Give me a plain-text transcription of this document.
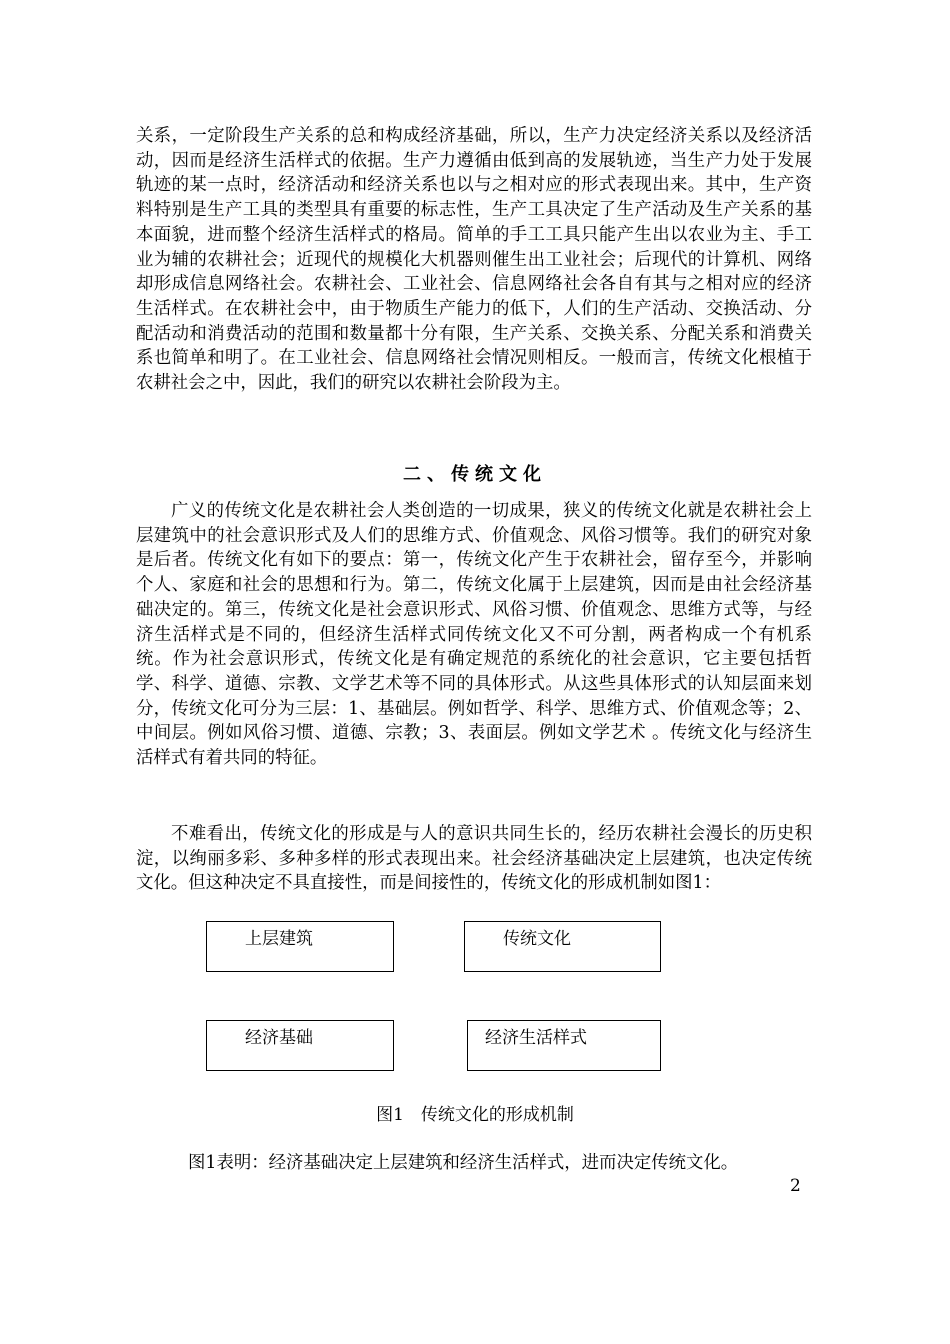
关系，一定阶段生产关系的总和构成经济基础，所以，生产力决定经济关系以及经济活动，因而是经济生活样式的依据。生产力遵循由低到高的发展轨迹，当生产力处于发展轨迹的某一点时，经济活动和经济关系也以与之相对应的形式表现出来。其中，生产资料特别是生产工具的类型具有重要的标志性，生产工具决定了生产活动及生产关系的基本面貌，进而整个经济生活样式的格局。简单的手工工具只能产生出以农业为主、手工业为辅的农耕社会；近现代的规模化大机器则催生出工业社会；后现代的计算机、网络却形成信息网络社会。农耕社会、工业社会、信息网络社会各自有其与之相对应的经济生活样式。在农耕社会中，由于物质生产能力的低下，人们的生产活动、交换活动、分配活动和消费活动的范围和数量都十分有限，生产关系、交换关系、分配关系和消费关系也简单和明了。在工业社会、信息网络社会情况则相反。一般而言，传统文化根植于农耕社会之中，因此，我们的研究以农耕社会阶段为主。

二、传统文化

广义的传统文化是农耕社会人类创造的一切成果，狭义的传统文化就是农耕社会上层建筑中的社会意识形式及人们的思维方式、价值观念、风俗习惯等。我们的研究对象是后者。传统文化有如下的要点：第一，传统文化产生于农耕社会，留存至今，并影响个人、家庭和社会的思想和行为。第二，传统文化属于上层建筑，因而是由社会经济基础决定的。第三，传统文化是社会意识形式、风俗习惯、价值观念、思维方式等，与经济生活样式是不同的，但经济生活样式同传统文化又不可分割，两者构成一个有机系统。作为社会意识形式，传统文化是有确定规范的系统化的社会意识，它主要包括哲学、科学、道德、宗教、文学艺术等不同的具体形式。从这些具体形式的认知层面来划分，传统文化可分为三层：1、基础层。例如哲学、科学、思维方式、价值观念等；2、中间层。例如风俗习惯、道德、宗教；3、表面层。例如文学艺术 。传统文化与经济生活样式有着共同的特征。

不难看出，传统文化的形成是与人的意识共同生长的，经历农耕社会漫长的历史积淀，以绚丽多彩、多种多样的形式表现出来。社会经济基础决定上层建筑，也决定传统文化。但这种决定不具直接性，而是间接性的，传统文化的形成机制如图1：

上层建筑	传统文化
经济基础	经济生活样式

图1　传统文化的形成机制

图1表明：经济基础决定上层建筑和经济生活样式，进而决定传统文化。

2
